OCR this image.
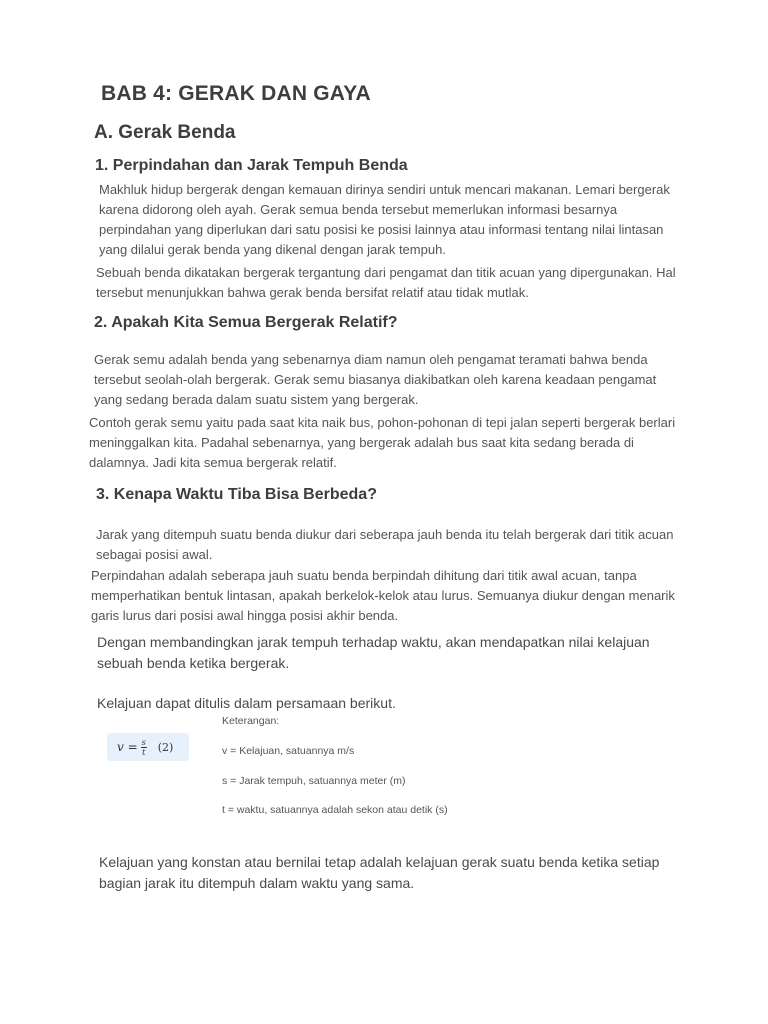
BAB 4: GERAK DAN GAYA
A. Gerak Benda
1. Perpindahan dan Jarak Tempuh Benda

Makhluk hidup bergerak dengan kemauan dirinya sendiri untuk mencari makanan. Lemari bergerak karena didorong oleh ayah. Gerak semua benda tersebut memerlukan informasi besarnya perpindahan yang diperlukan dari satu posisi ke posisi lainnya atau informasi tentang nilai lintasan yang dilalui gerak benda yang dikenal dengan jarak tempuh.

Sebuah benda dikatakan bergerak tergantung dari pengamat dan titik acuan yang dipergunakan. Hal tersebut menunjukkan bahwa gerak benda bersifat relatif atau tidak mutlak.

2. Apakah Kita Semua Bergerak Relatif?

Gerak semu adalah benda yang sebenarnya diam namun oleh pengamat teramati bahwa benda tersebut seolah-olah bergerak. Gerak semu biasanya diakibatkan oleh karena keadaan pengamat yang sedang berada dalam suatu sistem yang bergerak.

Contoh gerak semu yaitu pada saat kita naik bus, pohon-pohonan di tepi jalan seperti bergerak berlari meninggalkan kita. Padahal sebenarnya, yang bergerak adalah bus saat kita sedang berada di dalamnya. Jadi kita semua bergerak relatif.

3. Kenapa Waktu Tiba Bisa Berbeda?

Jarak yang ditempuh suatu benda diukur dari seberapa jauh benda itu telah bergerak dari titik acuan sebagai posisi awal.

Perpindahan adalah seberapa jauh suatu benda berpindah dihitung dari titik awal acuan, tanpa memperhatikan bentuk lintasan, apakah berkelok-kelok atau lurus. Semuanya diukur dengan menarik garis lurus dari posisi awal hingga posisi akhir benda.

Dengan membandingkan jarak tempuh terhadap waktu, akan mendapatkan nilai kelajuan sebuah benda ketika bergerak.

Kelajuan dapat ditulis dalam persamaan berikut.

$v = \frac{s}{t} (2)$

Keterangan:

v = Kelajuan, satuannya m/s

s = Jarak tempuh, satuannya meter (m)

t = waktu, satuannya adalah sekon atau detik (s)

Kelajuan yang konstan atau bernilai tetap adalah kelajuan gerak suatu benda ketika setiap bagian jarak itu ditempuh dalam waktu yang sama.
